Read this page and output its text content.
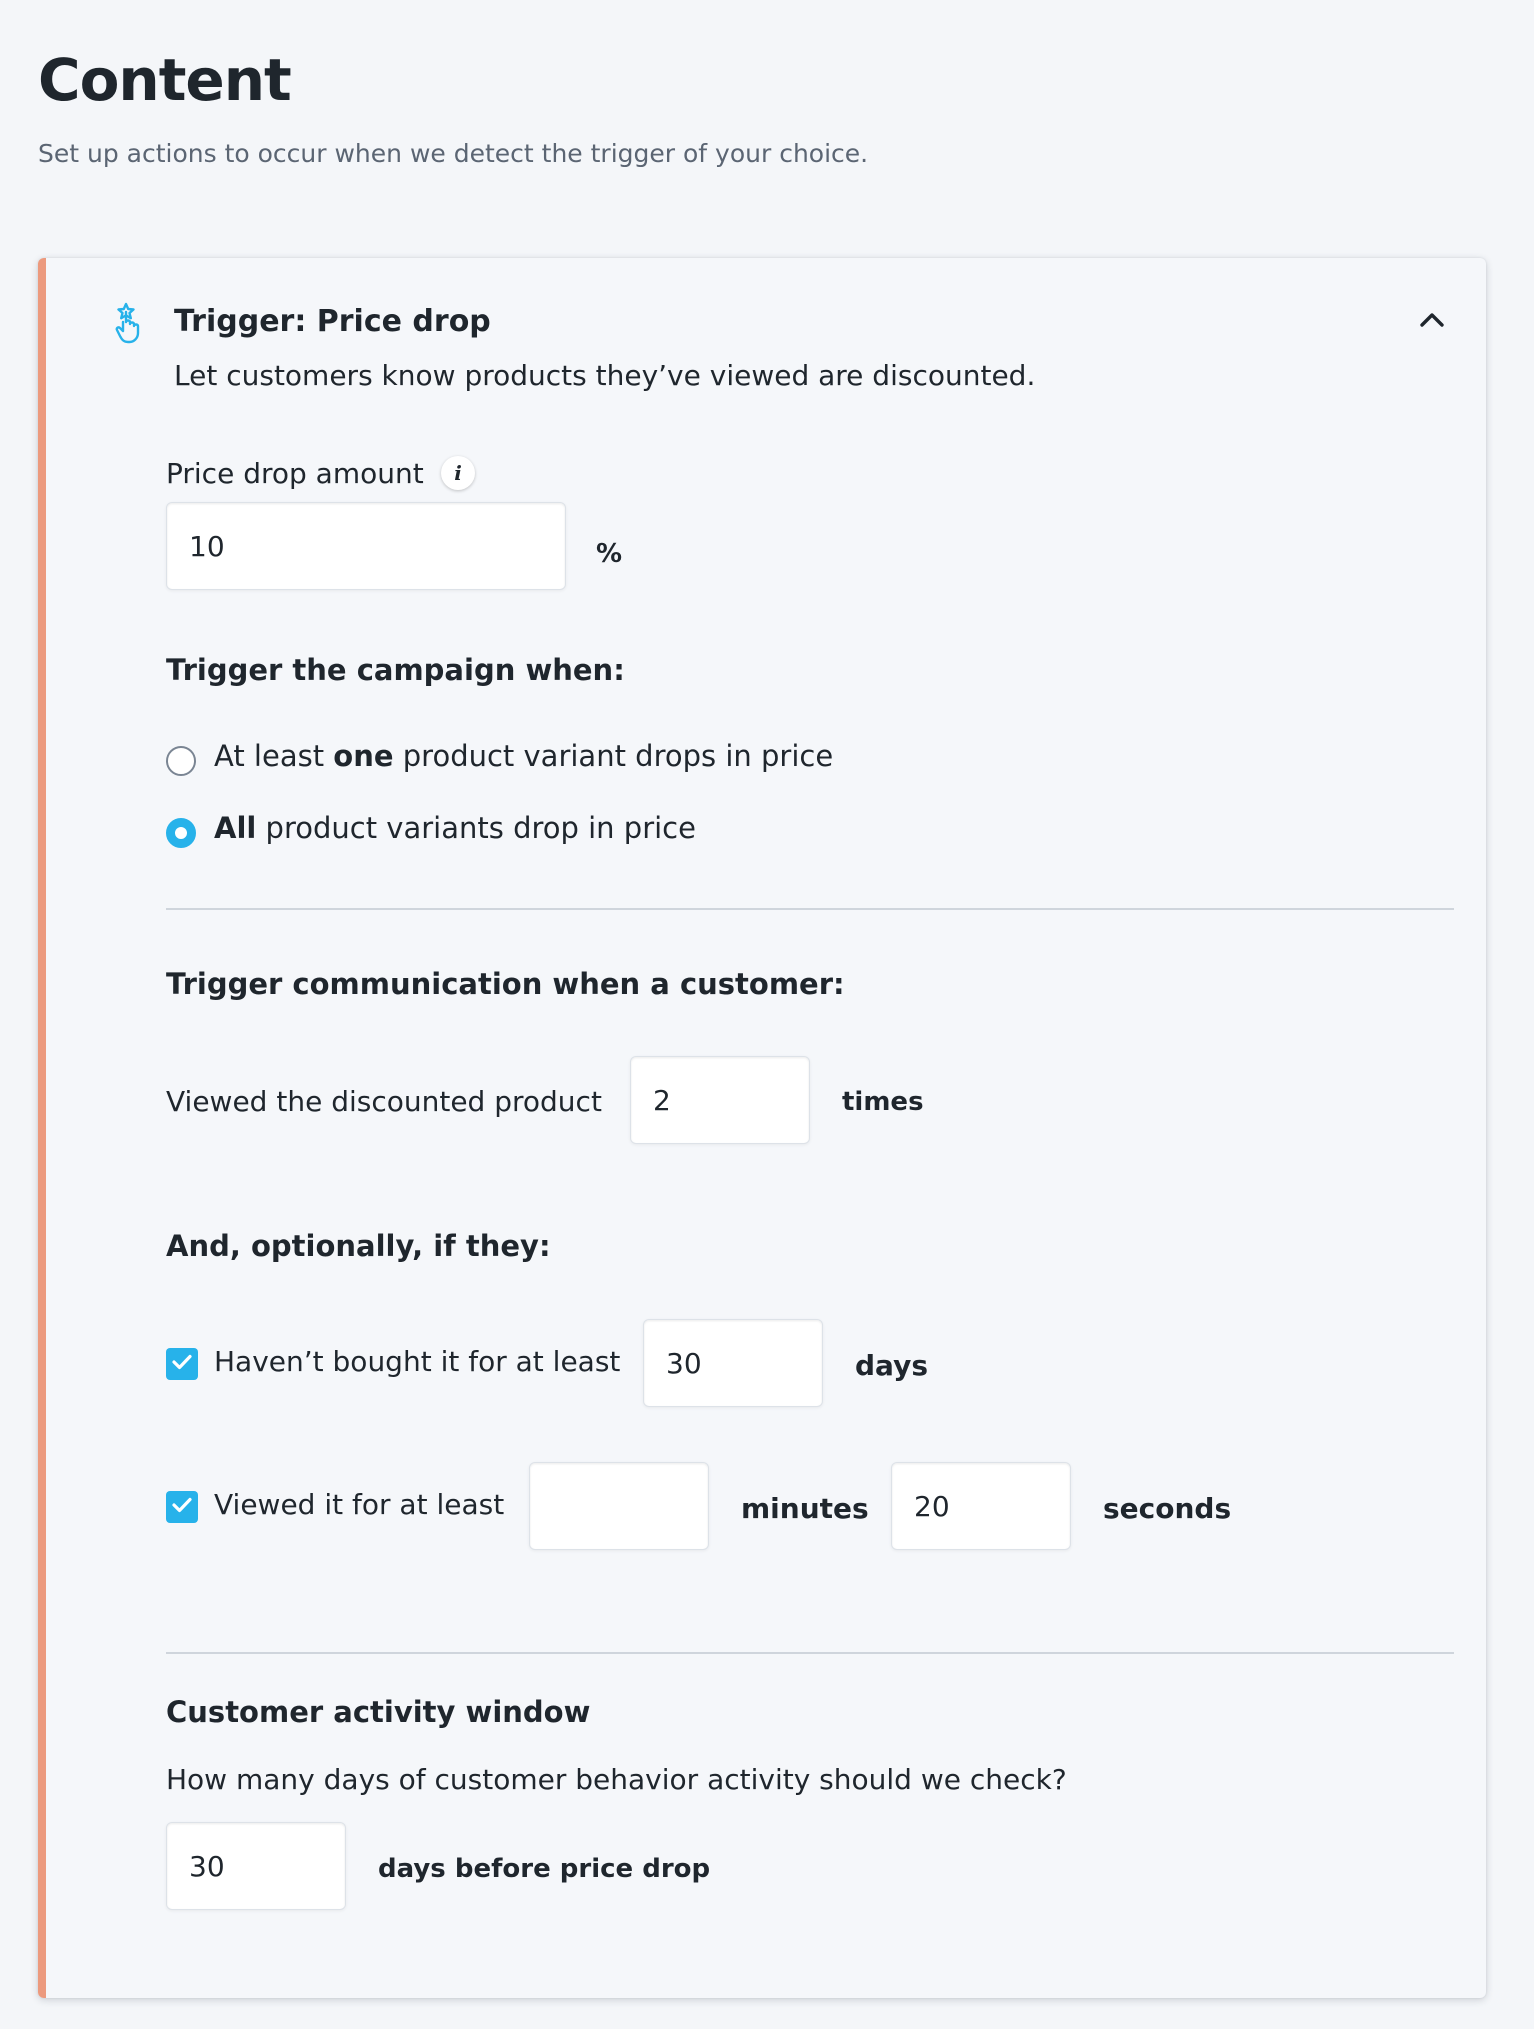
Content

Set up actions to occur when we detect the trigger of your choice.

Trigger: Price drop
Let customers know products they’ve viewed are discounted.
Price drop amount	i
10
%
Trigger the campaign when:
At least one product variant drops in price
All product variants drop in price
Trigger communication when a customer:
Viewed the discounted product
2	times
And, optionally, if they:
Haven’t bought it for at least
30	days
Viewed it for at least	minutes
20	seconds
Customer activity window
How many days of customer behavior activity should we check?
30
days before price drop
